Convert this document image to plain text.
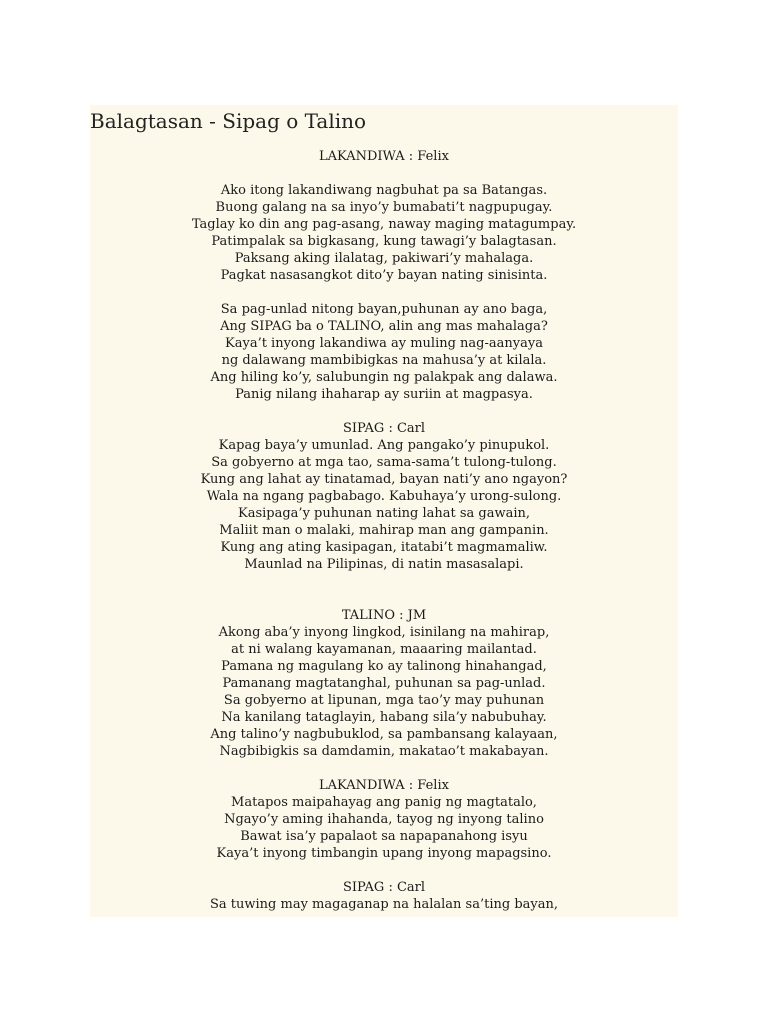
Balagtasan - Sipag o Talino
LAKANDIWA : Felix
Ako itong lakandiwang nagbuhat pa sa Batangas.
Buong galang na sa inyo’y bumabati’t nagpupugay.
Taglay ko din ang pag-asang, naway maging matagumpay.
Patimpalak sa bigkasang, kung tawagi’y balagtasan.
Paksang aking ilalatag, pakiwari’y mahalaga.
Pagkat nasasangkot dito’y bayan nating sinisinta.
Sa pag-unlad nitong bayan,puhunan ay ano baga,
Ang SIPAG ba o TALINO, alin ang mas mahalaga?
Kaya’t inyong lakandiwa ay muling nag-aanyaya
ng dalawang mambibigkas na mahusa’y at kilala.
Ang hiling ko’y, salubungin ng palakpak ang dalawa.
Panig nilang ihaharap ay suriin at magpasya.
SIPAG : Carl
Kapag baya’y umunlad. Ang pangako’y pinupukol.
Sa gobyerno at mga tao, sama-sama’t tulong-tulong.
Kung ang lahat ay tinatamad, bayan nati’y ano ngayon?
Wala na ngang pagbabago. Kabuhaya’y urong-sulong.
Kasipaga’y puhunan nating lahat sa gawain,
Maliit man o malaki, mahirap man ang gampanin.
Kung ang ating kasipagan, itatabi’t magmamaliw.
Maunlad na Pilipinas, di natin masasalapi.
TALINO : JM
Akong aba’y inyong lingkod, isinilang na mahirap,
at ni walang kayamanan, maaaring mailantad.
Pamana ng magulang ko ay talinong hinahangad,
Pamanang magtatanghal, puhunan sa pag-unlad.
Sa gobyerno at lipunan, mga tao’y may puhunan
Na kanilang tataglayin, habang sila’y nabubuhay.
Ang talino’y nagbubuklod, sa pambansang kalayaan,
Nagbibigkis sa damdamin, makatao’t makabayan.
LAKANDIWA : Felix
Matapos maipahayag ang panig ng magtatalo,
Ngayo’y aming ihahanda, tayog ng inyong talino
Bawat isa’y papalaot sa napapanahong isyu
Kaya’t inyong timbangin upang inyong mapagsino.
SIPAG : Carl
Sa tuwing may magaganap na halalan sa’ting bayan,
